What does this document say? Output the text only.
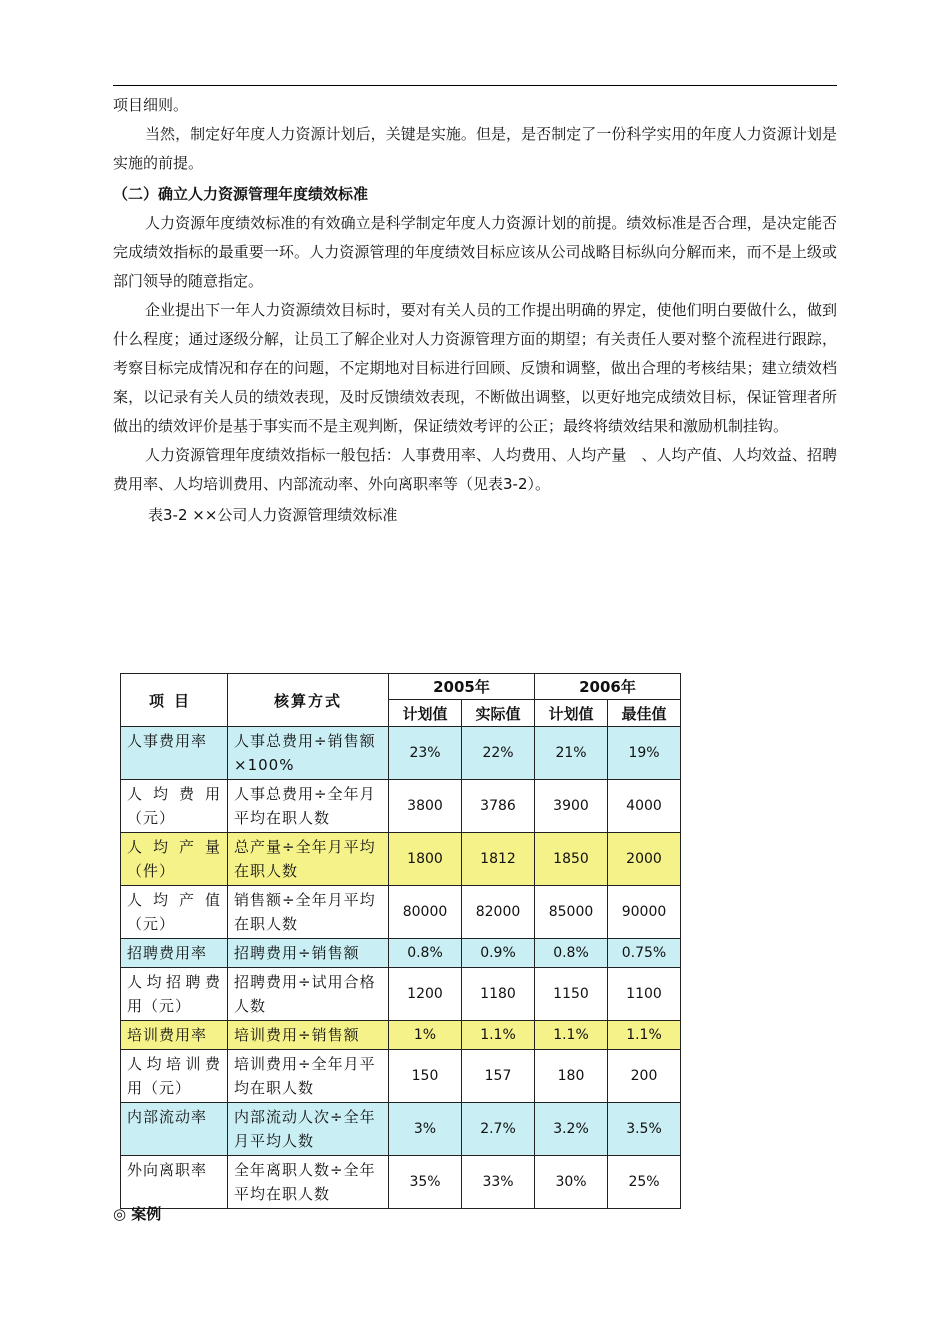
项目细则。

当然，制定好年度人力资源计划后，关键是实施。但是，是否制定了一份科学实用的年度人力资源计划是实施的前提。

（二）确立人力资源管理年度绩效标准

人力资源年度绩效标准的有效确立是科学制定年度人力资源计划的前提。绩效标准是否合理，是决定能否完成绩效指标的最重要一环。人力资源管理的年度绩效目标应该从公司战略目标纵向分解而来，而不是上级或部门领导的随意指定。

企业提出下一年人力资源绩效目标时，要对有关人员的工作提出明确的界定，使他们明白要做什么，做到什么程度；通过逐级分解，让员工了解企业对人力资源管理方面的期望；有关责任人要对整个流程进行跟踪，考察目标完成情况和存在的问题，不定期地对目标进行回顾、反馈和调整，做出合理的考核结果；建立绩效档案，以记录有关人员的绩效表现，及时反馈绩效表现，不断做出调整，以更好地完成绩效目标，保证管理者所做出的绩效评价是基于事实而不是主观判断，保证绩效考评的公正；最终将绩效结果和激励机制挂钩。

人力资源管理年度绩效指标一般包括：人事费用率、人均费用、人均产量　、人均产值、人均效益、招聘费用率、人均培训费用、内部流动率、外向离职率等（见表3-2）。

表3-2 ××公司人力资源管理绩效标准

项目	核算方式	2005年		2006年	
		计划值	实际值	计划值	最佳值
人事费用率	人事总费用÷销售额×100%	23%	22%	21%	19%
人均费用（元）	人事总费用÷全年月平均在职人数	3800	3786	3900	4000
人均产量（件）	总产量÷全年月平均在职人数	1800	1812	1850	2000
人均产值（元）	销售额÷全年月平均在职人数	80000	82000	85000	90000
招聘费用率	招聘费用÷销售额	0.8%	0.9%	0.8%	0.75%
人均招聘费用（元）	招聘费用÷试用合格人数	1200	1180	1150	1100
培训费用率	培训费用÷销售额	1%	1.1%	1.1%	1.1%
人均培训费用（元）	培训费用÷全年月平均在职人数	150	157	180	200
内部流动率	内部流动人次÷全年月平均人数	3%	2.7%	3.2%	3.5%
外向离职率	全年离职人数÷全年平均在职人数	35%	33%	30%	25%
◎ 案例
